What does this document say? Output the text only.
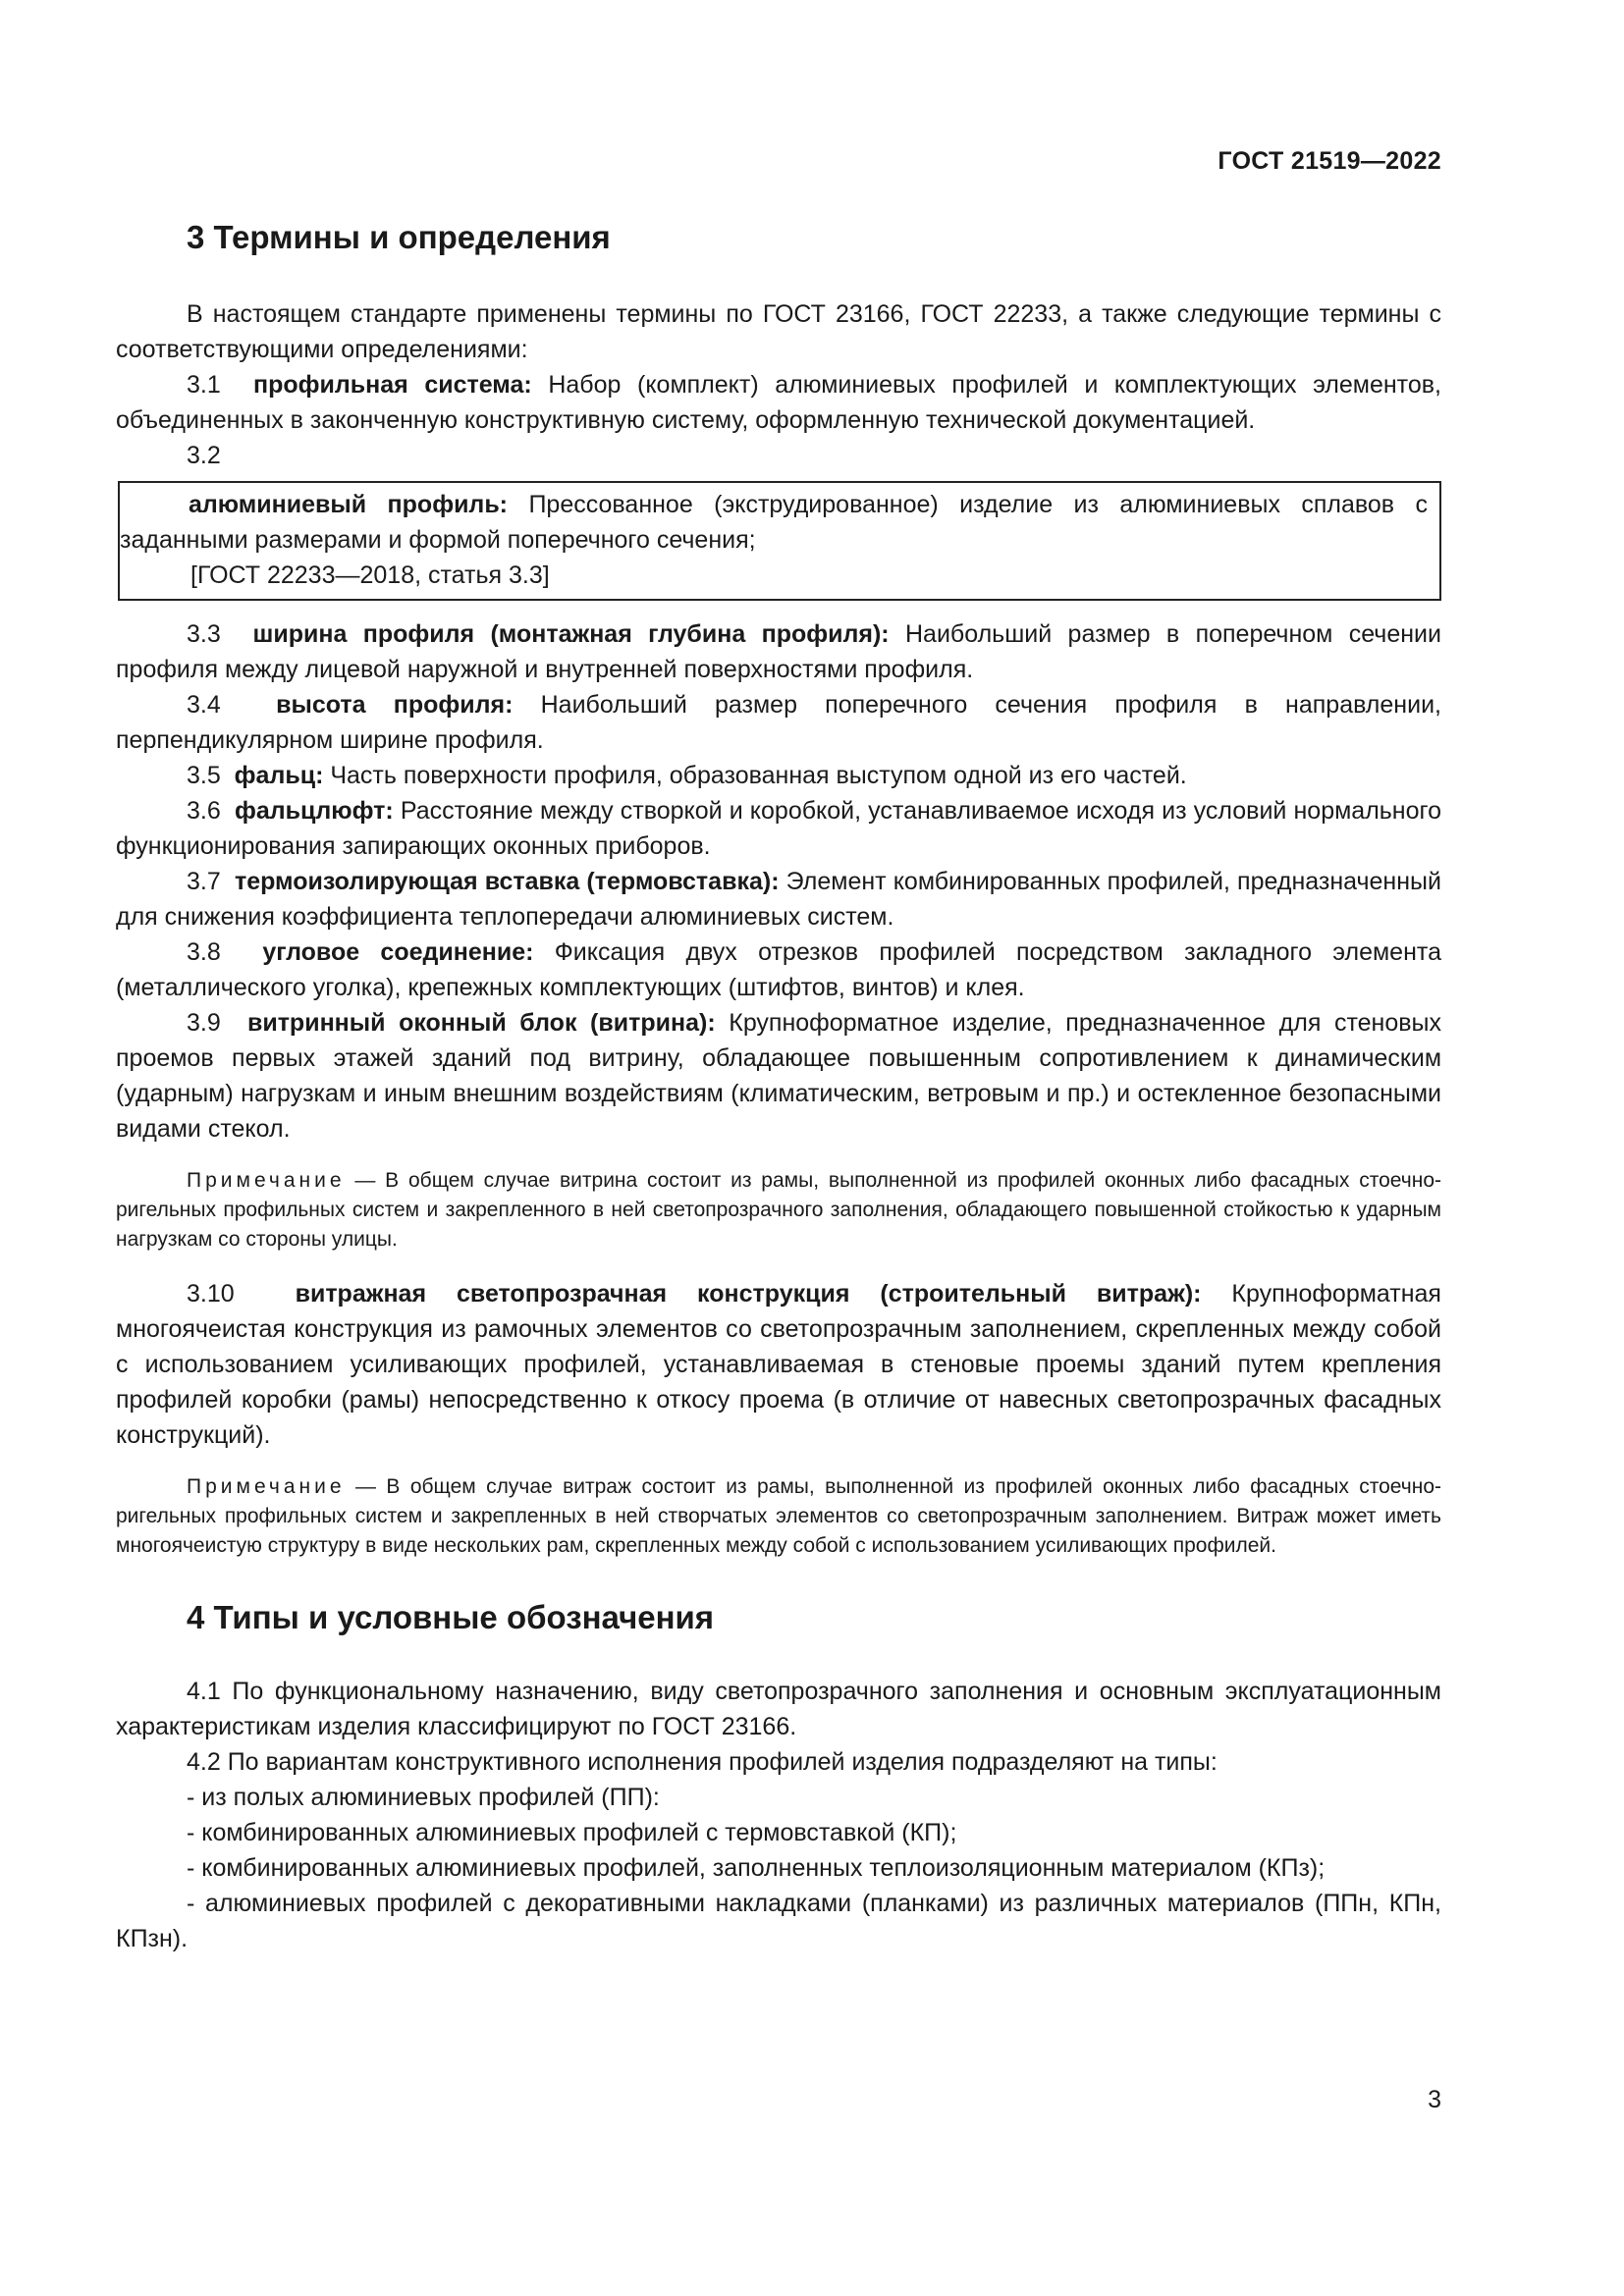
ГОСТ 21519—2022
3 Термины и определения

В настоящем стандарте применены термины по ГОСТ 23166, ГОСТ 22233, а также следующие термины с соответствующими определениями:

3.1 профильная система: Набор (комплект) алюминиевых профилей и комплектующих элементов, объединенных в законченную конструктивную систему, оформленную технической документацией.

3.2

алюминиевый профиль: Прессованное (экструдированное) изделие из алюминиевых сплавов с заданными размерами и формой поперечного сечения;

[ГОСТ 22233—2018, статья 3.3]

3.3 ширина профиля (монтажная глубина профиля): Наибольший размер в поперечном сечении профиля между лицевой наружной и внутренней поверхностями профиля.

3.4 высота профиля: Наибольший размер поперечного сечения профиля в направлении, перпендикулярном ширине профиля.

3.5 фальц: Часть поверхности профиля, образованная выступом одной из его частей.

3.6 фальцлюфт: Расстояние между створкой и коробкой, устанавливаемое исходя из условий нормального функционирования запирающих оконных приборов.

3.7 термоизолирующая вставка (термовставка): Элемент комбинированных профилей, предназначенный для снижения коэффициента теплопередачи алюминиевых систем.

3.8 угловое соединение: Фиксация двух отрезков профилей посредством закладного элемента (металлического уголка), крепежных комплектующих (штифтов, винтов) и клея.

3.9 витринный оконный блок (витрина): Крупноформатное изделие, предназначенное для стеновых проемов первых этажей зданий под витрину, обладающее повышенным сопротивлением к динамическим (ударным) нагрузкам и иным внешним воздействиям (климатическим, ветровым и пр.) и остекленное безопасными видами стекол.

Примечание — В общем случае витрина состоит из рамы, выполненной из профилей оконных либо фасадных стоечно-ригельных профильных систем и закрепленного в ней светопрозрачного заполнения, обладающего повышенной стойкостью к ударным нагрузкам со стороны улицы.

3.10 витражная светопрозрачная конструкция (строительный витраж): Крупноформатная многоячеистая конструкция из рамочных элементов со светопрозрачным заполнением, скрепленных между собой с использованием усиливающих профилей, устанавливаемая в стеновые проемы зданий путем крепления профилей коробки (рамы) непосредственно к откосу проема (в отличие от навесных светопрозрачных фасадных конструкций).

Примечание — В общем случае витраж состоит из рамы, выполненной из профилей оконных либо фасадных стоечно-ригельных профильных систем и закрепленных в ней створчатых элементов со светопрозрачным заполнением. Витраж может иметь многоячеистую структуру в виде нескольких рам, скрепленных между собой с использованием усиливающих профилей.
4 Типы и условные обозначения

4.1 По функциональному назначению, виду светопрозрачного заполнения и основным эксплуатационным характеристикам изделия классифицируют по ГОСТ 23166.

4.2 По вариантам конструктивного исполнения профилей изделия подразделяют на типы:

- из полых алюминиевых профилей (ПП):

- комбинированных алюминиевых профилей с термовставкой (КП);

- комбинированных алюминиевых профилей, заполненных теплоизоляционным материалом (КПз);

- алюминиевых профилей с декоративными накладками (планками) из различных материалов (ППн, КПн, КПзн).

3
